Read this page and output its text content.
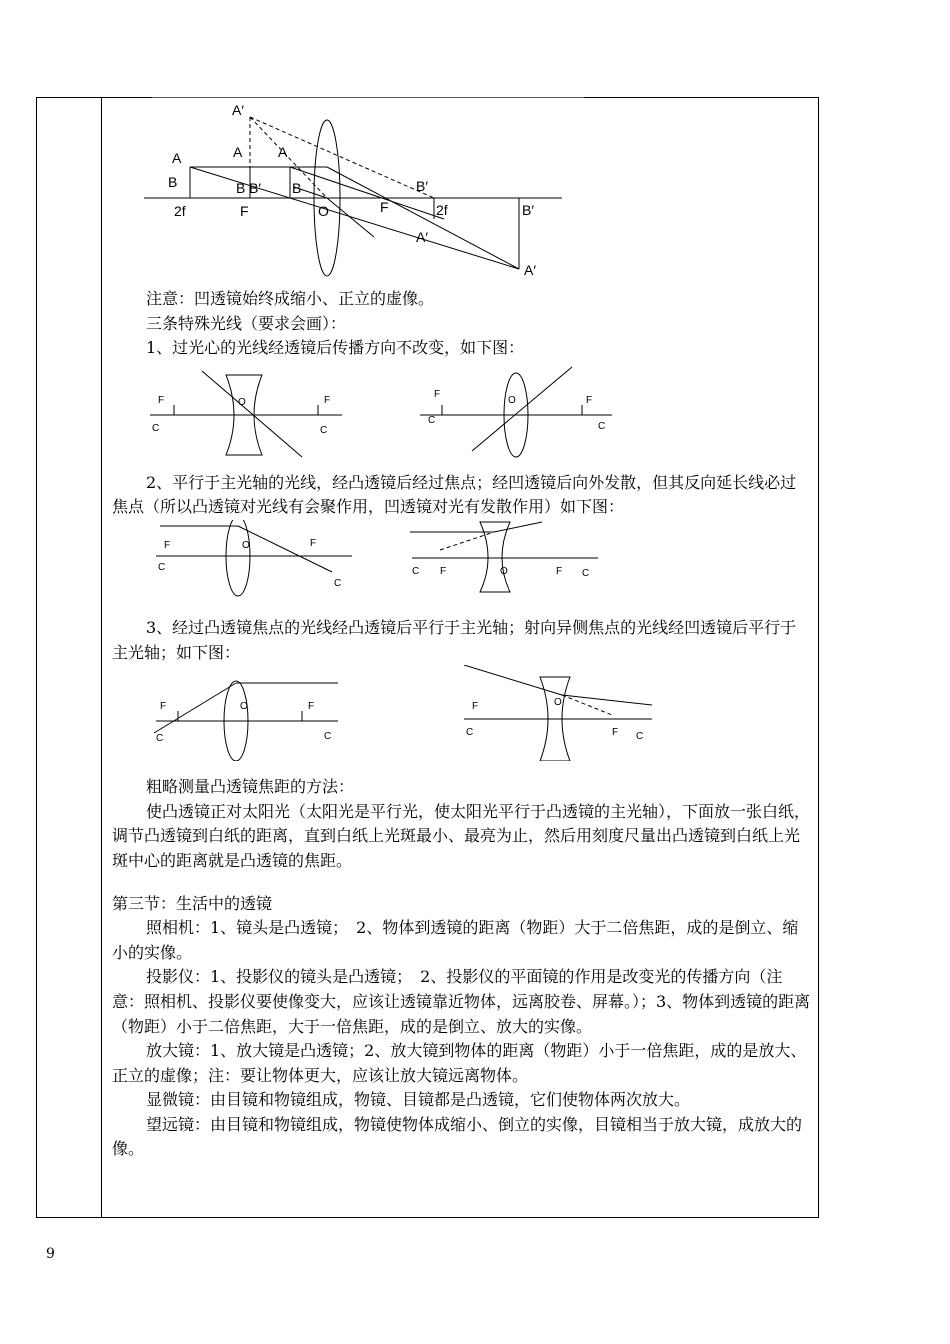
A′
A	A	A
B	B B′ B
2f	F	O	F	2f
B′
B′
A′
A′

注意：凹透镜始终成缩小、正立的虚像。

三条特殊光线（要求会画）：

1、过光心的光线经透镜后传播方向不改变，如下图：

F
C
O	F
C
F
C
O	F
C

2、平行于主光轴的光线，经凸透镜后经过焦点；经凹透镜后向外发散，但其反向延长线必过焦点（所以凸透镜对光线有会聚作用，凹透镜对光有发散作用）如下图：

F
C
O	F
C
C F	O	F C

3、经过凸透镜焦点的光线经凸透镜后平行于主光轴；射向异侧焦点的光线经凹透镜后平行于主光轴；如下图：

F
C
O	F
C
F
C
O
F C

粗略测量凸透镜焦距的方法：

使凸透镜正对太阳光（太阳光是平行光，使太阳光平行于凸透镜的主光轴），下面放一张白纸，调节凸透镜到白纸的距离，直到白纸上光斑最小、最亮为止，然后用刻度尺量出凸透镜到白纸上光斑中心的距离就是凸透镜的焦距。

第三节：生活中的透镜

照相机：1、镜头是凸透镜；　2、物体到透镜的距离（物距）大于二倍焦距，成的是倒立、缩小的实像。

投影仪：1、投影仪的镜头是凸透镜；　2、投影仪的平面镜的作用是改变光的传播方向（注意：照相机、投影仪要使像变大，应该让透镜靠近物体，远离胶卷、屏幕。）；3、物体到透镜的距离（物距）小于二倍焦距，大于一倍焦距，成的是倒立、放大的实像。

放大镜：1、放大镜是凸透镜；2、放大镜到物体的距离（物距）小于一倍焦距，成的是放大、正立的虚像；注：要让物体更大，应该让放大镜远离物体。

显微镜：由目镜和物镜组成，物镜、目镜都是凸透镜，它们使物体两次放大。

望远镜：由目镜和物镜组成，物镜使物体成缩小、倒立的实像，目镜相当于放大镜，成放大的像。

9
